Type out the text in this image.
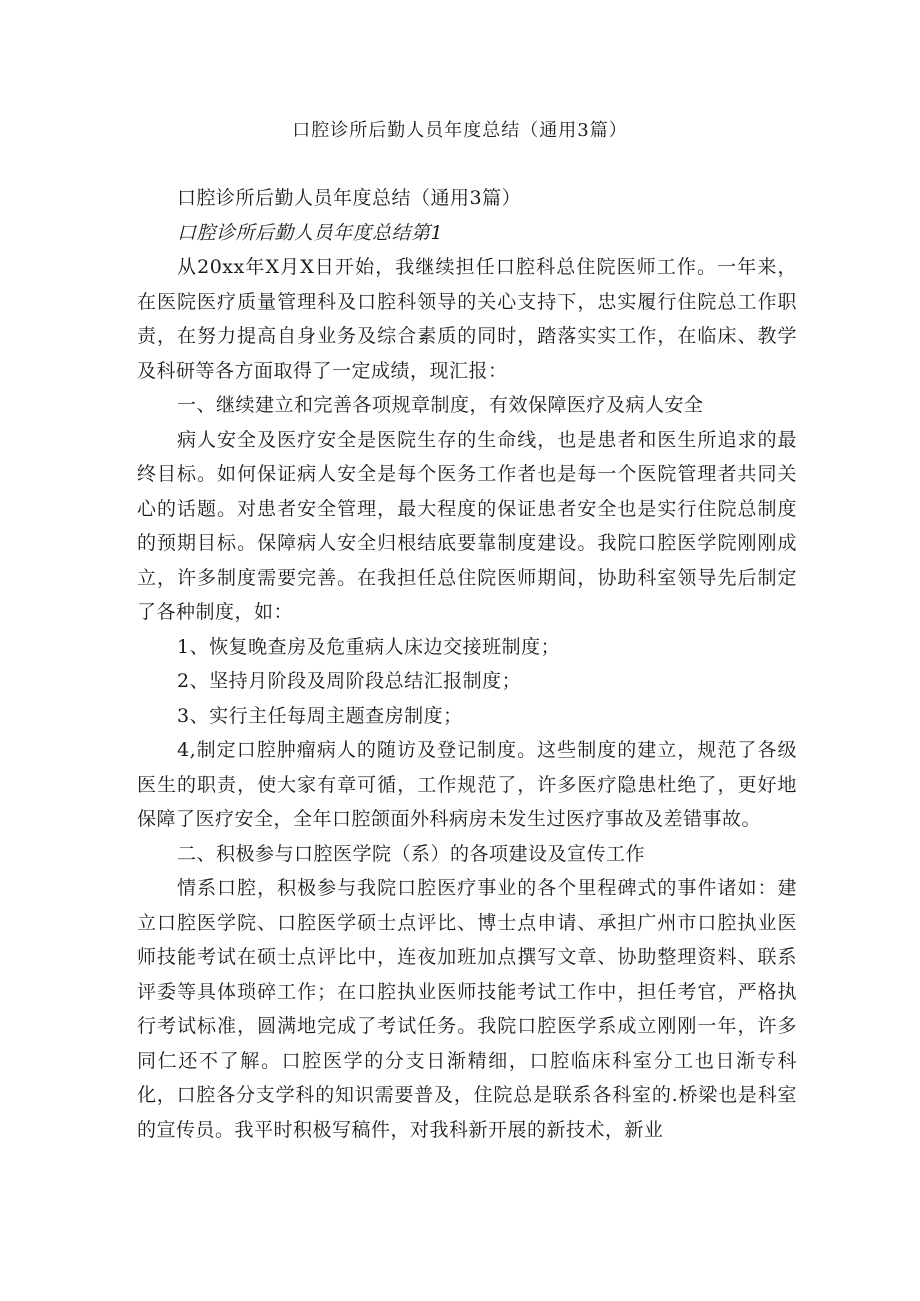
口腔诊所后勤人员年度总结（通用3篇）

口腔诊所后勤人员年度总结（通用3篇）

口腔诊所后勤人员年度总结第1

从20xx年X月X日开始，我继续担任口腔科总住院医师工作。一年来，在医院医疗质量管理科及口腔科领导的关心支持下，忠实履行住院总工作职责，在努力提高自身业务及综合素质的同时，踏落实实工作，在临床、教学及科研等各方面取得了一定成绩，现汇报：

一、继续建立和完善各项规章制度，有效保障医疗及病人安全

病人安全及医疗安全是医院生存的生命线，也是患者和医生所追求的最终目标。如何保证病人安全是每个医务工作者也是每一个医院管理者共同关心的话题。对患者安全管理，最大程度的保证患者安全也是实行住院总制度的预期目标。保障病人安全归根结底要靠制度建设。我院口腔医学院刚刚成立，许多制度需要完善。在我担任总住院医师期间，协助科室领导先后制定了各种制度，如：

1、恢复晚查房及危重病人床边交接班制度；

2、坚持月阶段及周阶段总结汇报制度；

3、实行主任每周主题查房制度；

4,制定口腔肿瘤病人的随访及登记制度。这些制度的建立，规范了各级医生的职责，使大家有章可循，工作规范了，许多医疗隐患杜绝了，更好地保障了医疗安全，全年口腔颌面外科病房未发生过医疗事故及差错事故。

二、积极参与口腔医学院（系）的各项建设及宣传工作

情系口腔，积极参与我院口腔医疗事业的各个里程碑式的事件诸如：建立口腔医学院、口腔医学硕士点评比、博士点申请、承担广州市口腔执业医师技能考试在硕士点评比中，连夜加班加点撰写文章、协助整理资料、联系评委等具体琐碎工作；在口腔执业医师技能考试工作中，担任考官，严格执行考试标准，圆满地完成了考试任务。我院口腔医学系成立刚刚一年，许多同仁还不了解。口腔医学的分支日渐精细，口腔临床科室分工也日渐专科化，口腔各分支学科的知识需要普及，住院总是联系各科室的.桥梁也是科室的宣传员。我平时积极写稿件，对我科新开展的新技术，新业
